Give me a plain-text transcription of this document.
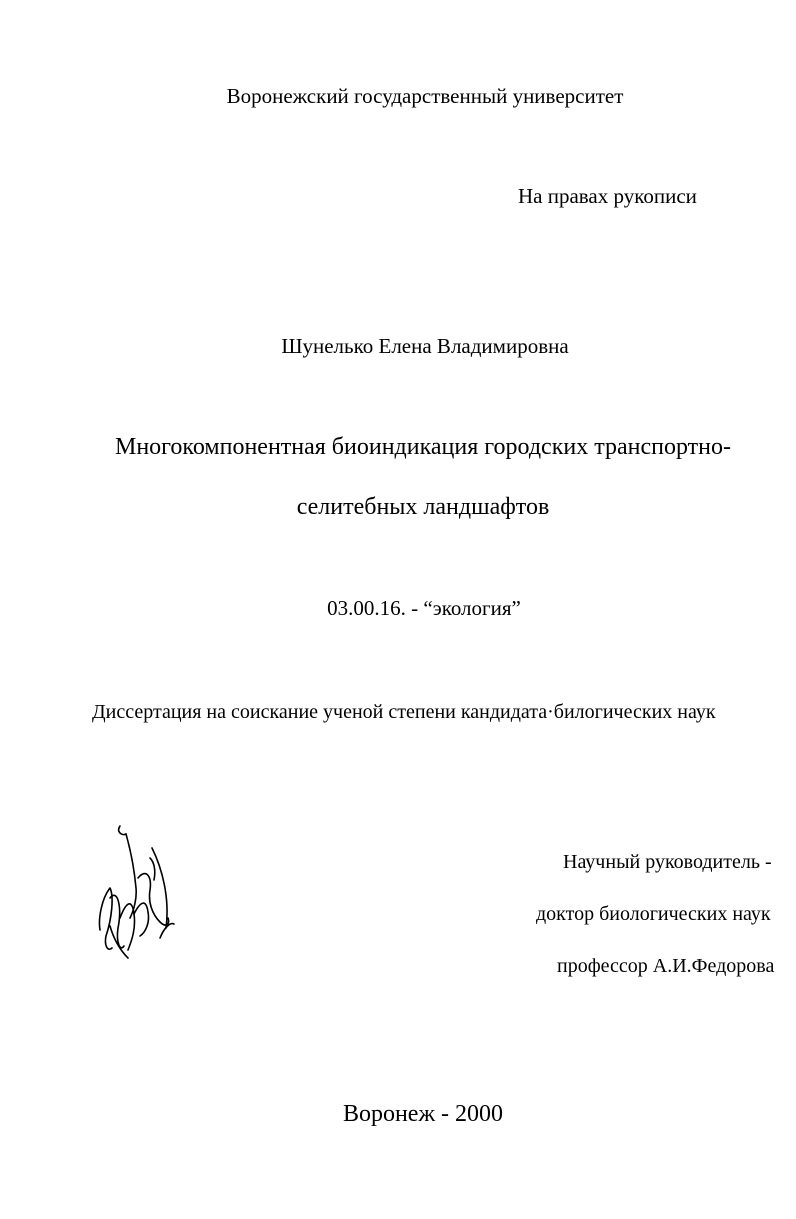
Воронежский государственный университет
На правах рукописи
Шунелько Елена Владимировна
Многокомпонентная биоиндикация городских транспортно-
селитебных ландшафтов
03.00.16. - “экология”
Диссертация на соискание ученой степени кандидата·билогических наук
Научный руководитель -
доктор биологических наук
профессор А.И.Федорова
Воронеж - 2000
